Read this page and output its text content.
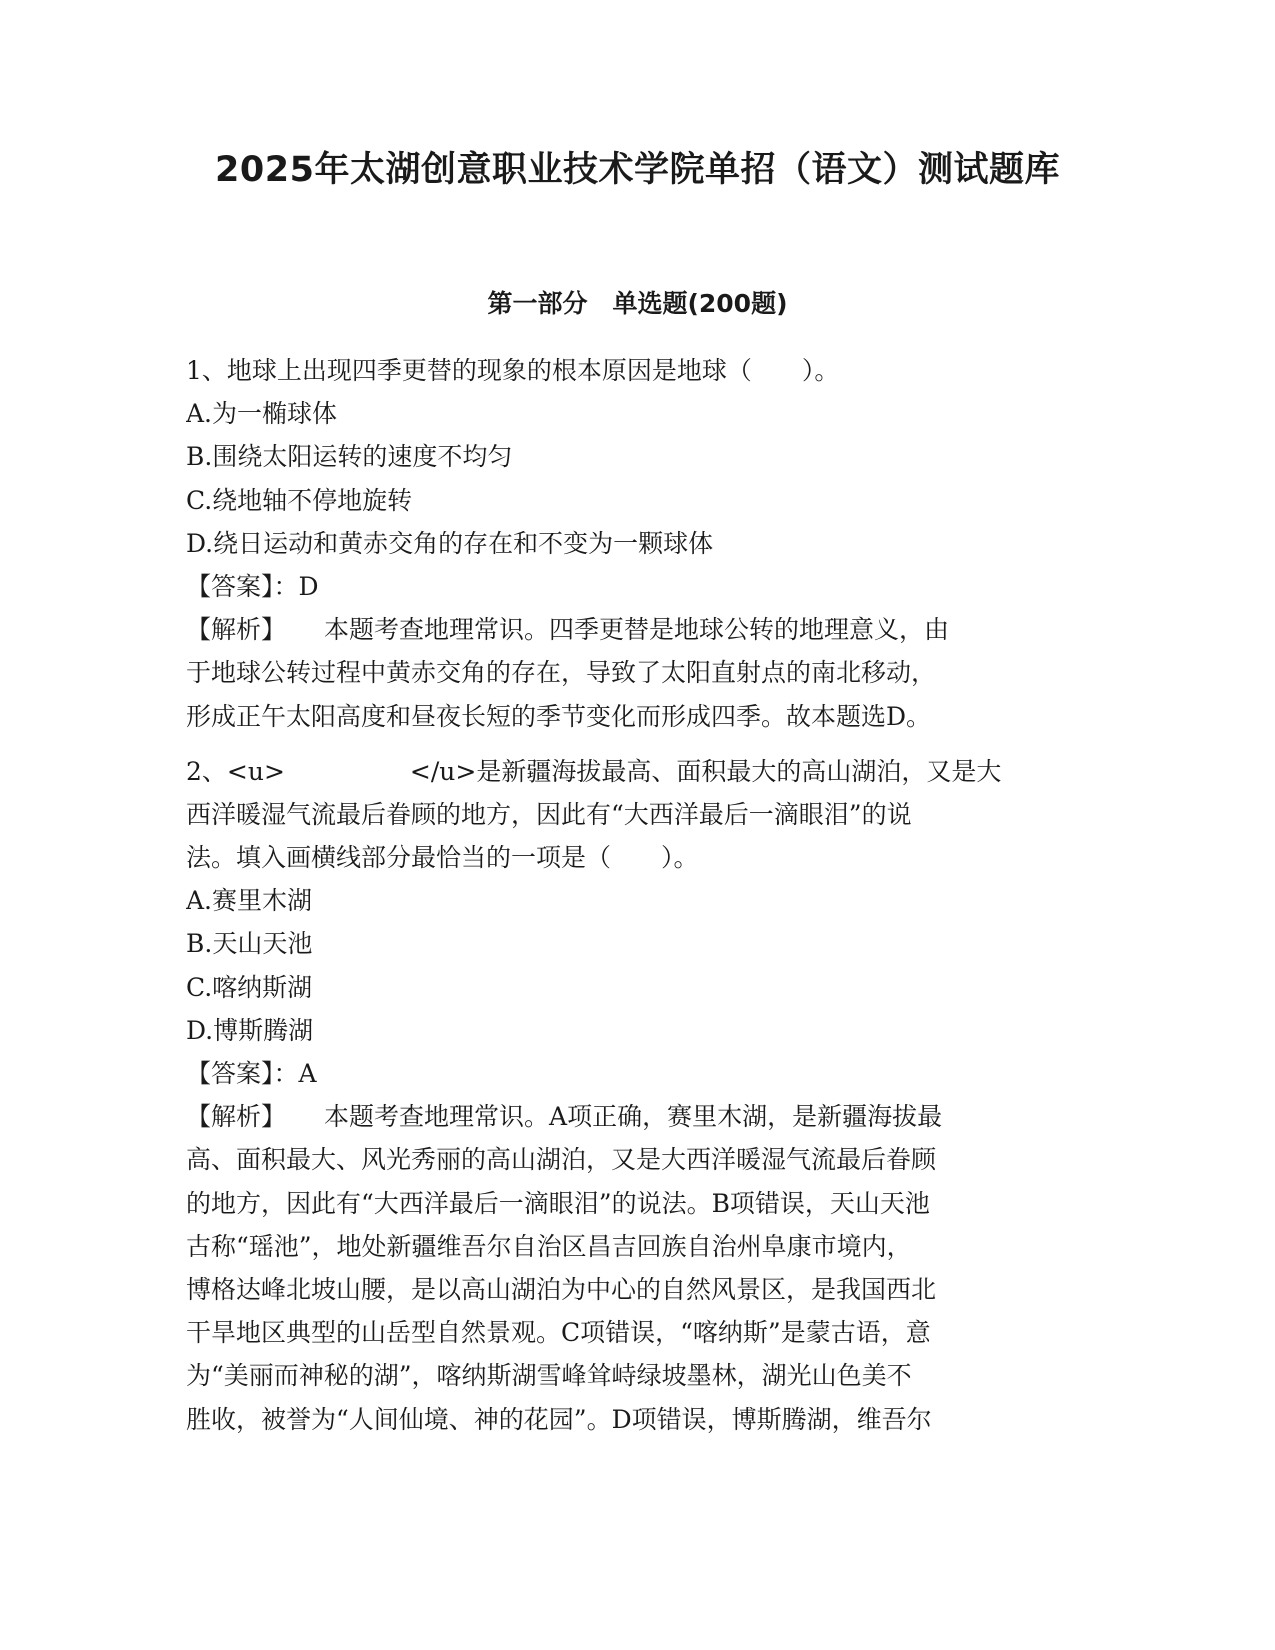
2025年太湖创意职业技术学院单招（语文）测试题库
第一部分　单选题(200题)
1、地球上出现四季更替的现象的根本原因是地球（　　）。
A.为一椭球体
B.围绕太阳运转的速度不均匀
C.绕地轴不停地旋转
D.绕日运动和黄赤交角的存在和不变为一颗球体
【答案】：D
【解析】 本题考查地理常识。四季更替是地球公转的地理意义，由
于地球公转过程中黄赤交角的存在，导致了太阳直射点的南北移动，
形成正午太阳高度和昼夜长短的季节变化而形成四季。故本题选D。
2、<u>　　　　　</u>是新疆海拔最高、面积最大的高山湖泊，又是大
西洋暖湿气流最后眷顾的地方，因此有“大西洋最后一滴眼泪”的说
法。填入画横线部分最恰当的一项是（　　）。
A.赛里木湖
B.天山天池
C.喀纳斯湖
D.博斯腾湖
【答案】：A
【解析】 本题考查地理常识。A项正确，赛里木湖，是新疆海拔最
高、面积最大、风光秀丽的高山湖泊，又是大西洋暖湿气流最后眷顾
的地方，因此有“大西洋最后一滴眼泪”的说法。B项错误，天山天池
古称“瑶池”，地处新疆维吾尔自治区昌吉回族自治州阜康市境内，
博格达峰北坡山腰，是以高山湖泊为中心的自然风景区，是我国西北
干旱地区典型的山岳型自然景观。C项错误，“喀纳斯”是蒙古语，意
为“美丽而神秘的湖”，喀纳斯湖雪峰耸峙绿坡墨林，湖光山色美不
胜收，被誉为“人间仙境、神的花园”。D项错误，博斯腾湖，维吾尔
